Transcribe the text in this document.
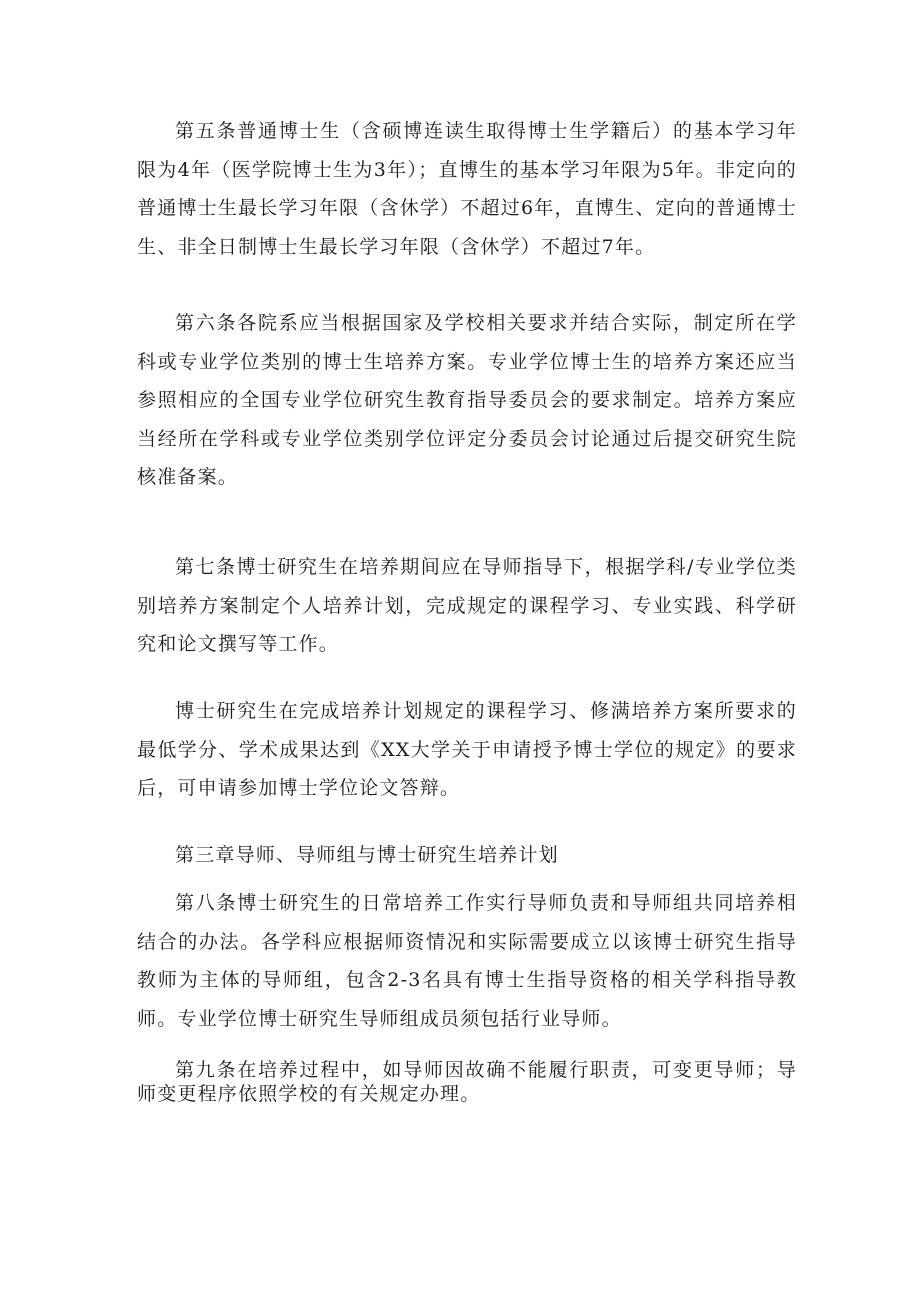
第五条普通博士生（含硕博连读生取得博士生学籍后）的基本学习年限为4年（医学院博士生为3年）；直博生的基本学习年限为5年。非定向的普通博士生最长学习年限（含休学）不超过6年，直博生、定向的普通博士生、非全日制博士生最长学习年限（含休学）不超过7年。

第六条各院系应当根据国家及学校相关要求并结合实际，制定所在学科或专业学位类别的博士生培养方案。专业学位博士生的培养方案还应当参照相应的全国专业学位研究生教育指导委员会的要求制定。培养方案应当经所在学科或专业学位类别学位评定分委员会讨论通过后提交研究生院核准备案。

第七条博士研究生在培养期间应在导师指导下，根据学科/专业学位类别培养方案制定个人培养计划，完成规定的课程学习、专业实践、科学研究和论文撰写等工作。

博士研究生在完成培养计划规定的课程学习、修满培养方案所要求的最低学分、学术成果达到《XX大学关于申请授予博士学位的规定》的要求后，可申请参加博士学位论文答辩。

第三章导师、导师组与博士研究生培养计划

第八条博士研究生的日常培养工作实行导师负责和导师组共同培养相结合的办法。各学科应根据师资情况和实际需要成立以该博士研究生指导教师为主体的导师组，包含2-3名具有博士生指导资格的相关学科指导教师。专业学位博士研究生导师组成员须包括行业导师。

第九条在培养过程中，如导师因故确不能履行职责，可变更导师；导师变更程序依照学校的有关规定办理。
